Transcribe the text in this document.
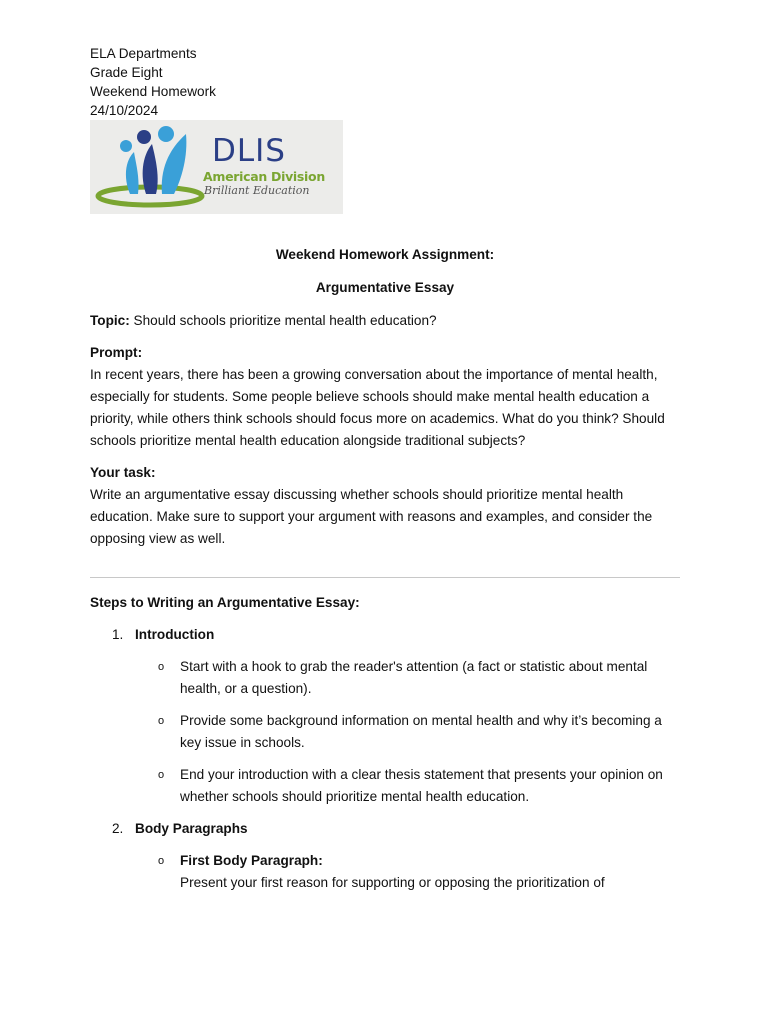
ELA Departments
Grade Eight
Weekend Homework
24/10/2024
DLIS
American Division
Brilliant Education
Weekend Homework Assignment:
Argumentative Essay
Topic: Should schools prioritize mental health education?
Prompt:
In recent years, there has been a growing conversation about the importance of mental health, especially for students. Some people believe schools should make mental health education a priority, while others think schools should focus more on academics. What do you think? Should schools prioritize mental health education alongside traditional subjects?
Your task:
Write an argumentative essay discussing whether schools should prioritize mental health education. Make sure to support your argument with reasons and examples, and consider the opposing view as well.
Steps to Writing an Argumentative Essay:
1. Introduction
o Start with a hook to grab the reader's attention (a fact or statistic about mental health, or a question).
o Provide some background information on mental health and why it’s becoming a key issue in schools.
o End your introduction with a clear thesis statement that presents your opinion on whether schools should prioritize mental health education.
2. Body Paragraphs
o First Body Paragraph:
Present your first reason for supporting or opposing the prioritization of
